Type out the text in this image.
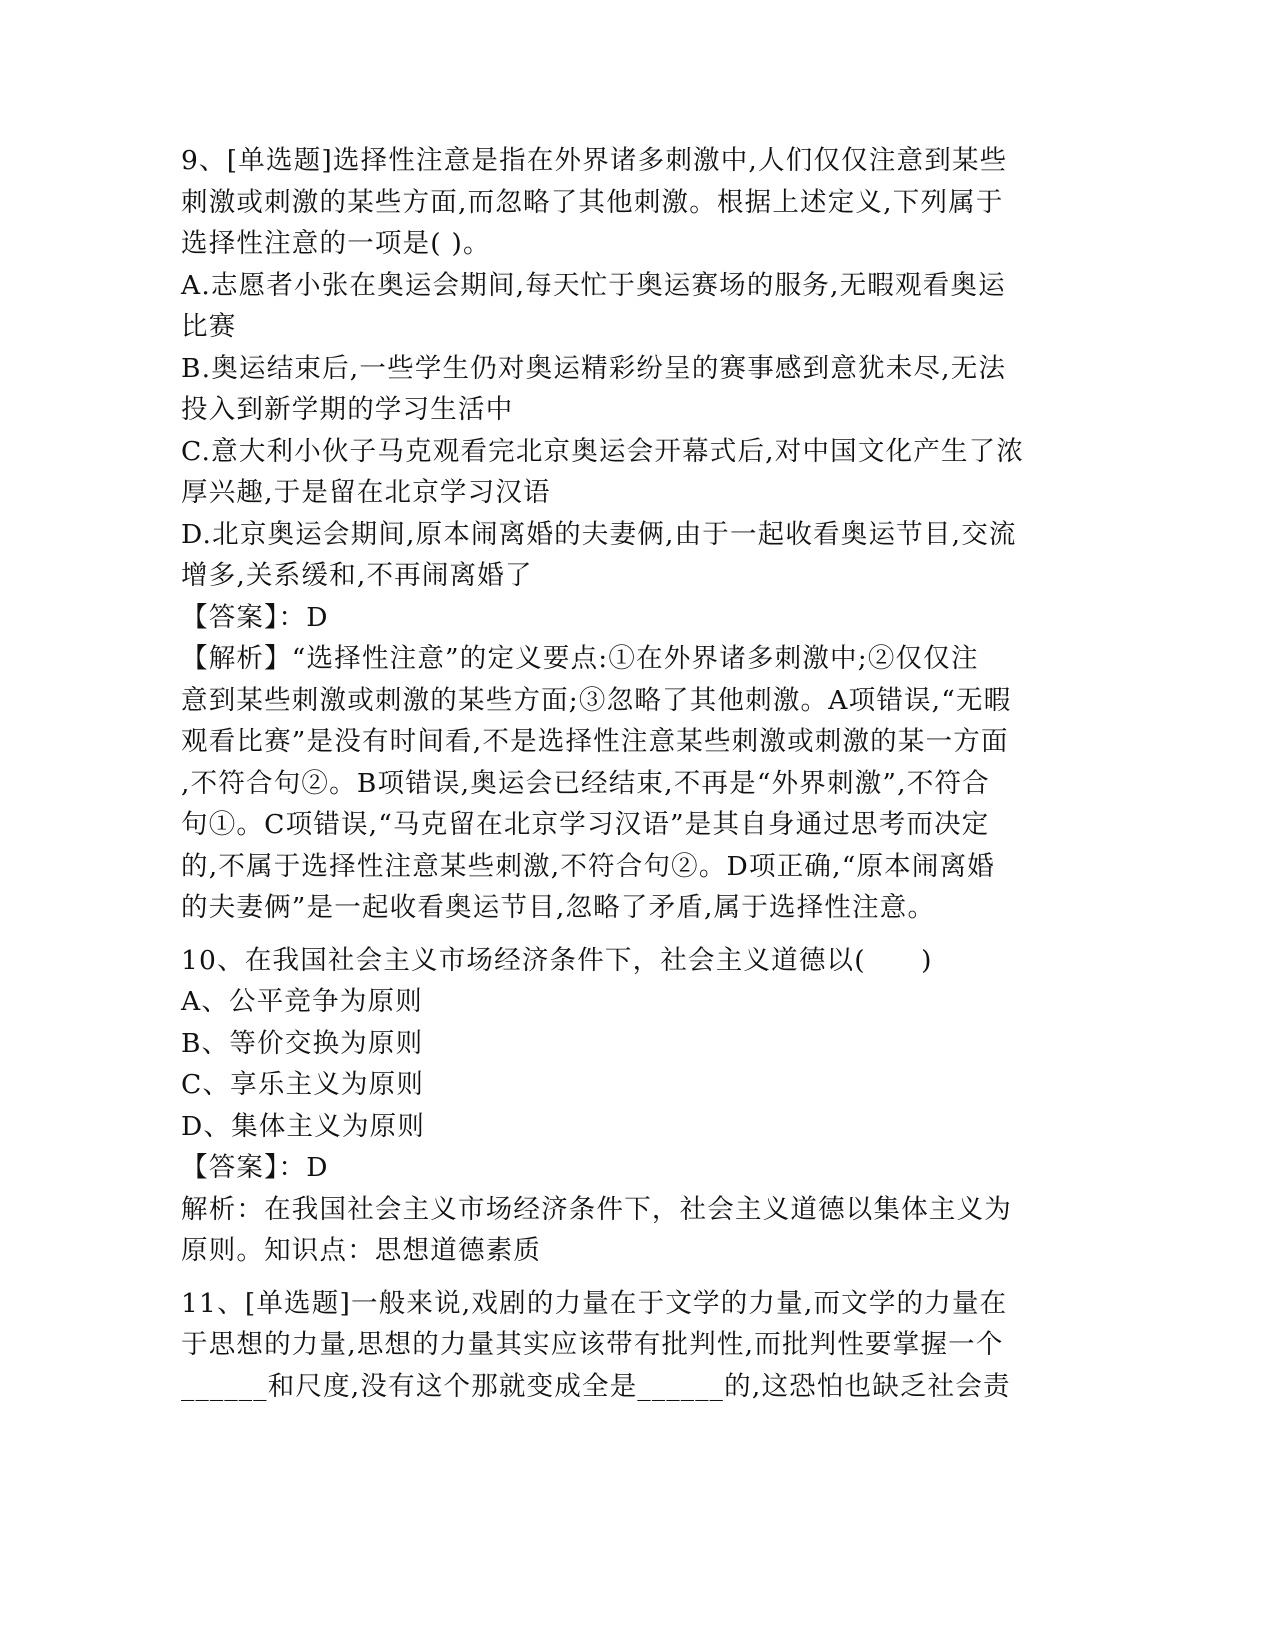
9、[单选题]选择性注意是指在外界诸多刺激中,人们仅仅注意到某些
刺激或刺激的某些方面,而忽略了其他刺激。根据上述定义,下列属于
选择性注意的一项是( )。
A.志愿者小张在奥运会期间,每天忙于奥运赛场的服务,无暇观看奥运
比赛
B.奥运结束后,一些学生仍对奥运精彩纷呈的赛事感到意犹未尽,无法
投入到新学期的学习生活中
C.意大利小伙子马克观看完北京奥运会开幕式后,对中国文化产生了浓
厚兴趣,于是留在北京学习汉语
D.北京奥运会期间,原本闹离婚的夫妻俩,由于一起收看奥运节目,交流
增多,关系缓和,不再闹离婚了
【答案】：D
【解析】“选择性注意”的定义要点:①在外界诸多刺激中;②仅仅注
意到某些刺激或刺激的某些方面;③忽略了其他刺激。A项错误,“无暇
观看比赛”是没有时间看,不是选择性注意某些刺激或刺激的某一方面
,不符合句②。B项错误,奥运会已经结束,不再是“外界刺激”,不符合
句①。C项错误,“马克留在北京学习汉语”是其自身通过思考而决定
的,不属于选择性注意某些刺激,不符合句②。D项正确,“原本闹离婚
的夫妻俩”是一起收看奥运节目,忽略了矛盾,属于选择性注意。
10、在我国社会主义市场经济条件下，社会主义道德以(　　)
A、公平竞争为原则
B、等价交换为原则
C、享乐主义为原则
D、集体主义为原则
【答案】：D
解析：在我国社会主义市场经济条件下，社会主义道德以集体主义为
原则。知识点：思想道德素质
11、[单选题]一般来说,戏剧的力量在于文学的力量,而文学的力量在
于思想的力量,思想的力量其实应该带有批判性,而批判性要掌握一个
______和尺度,没有这个那就变成全是______的,这恐怕也缺乏社会责
